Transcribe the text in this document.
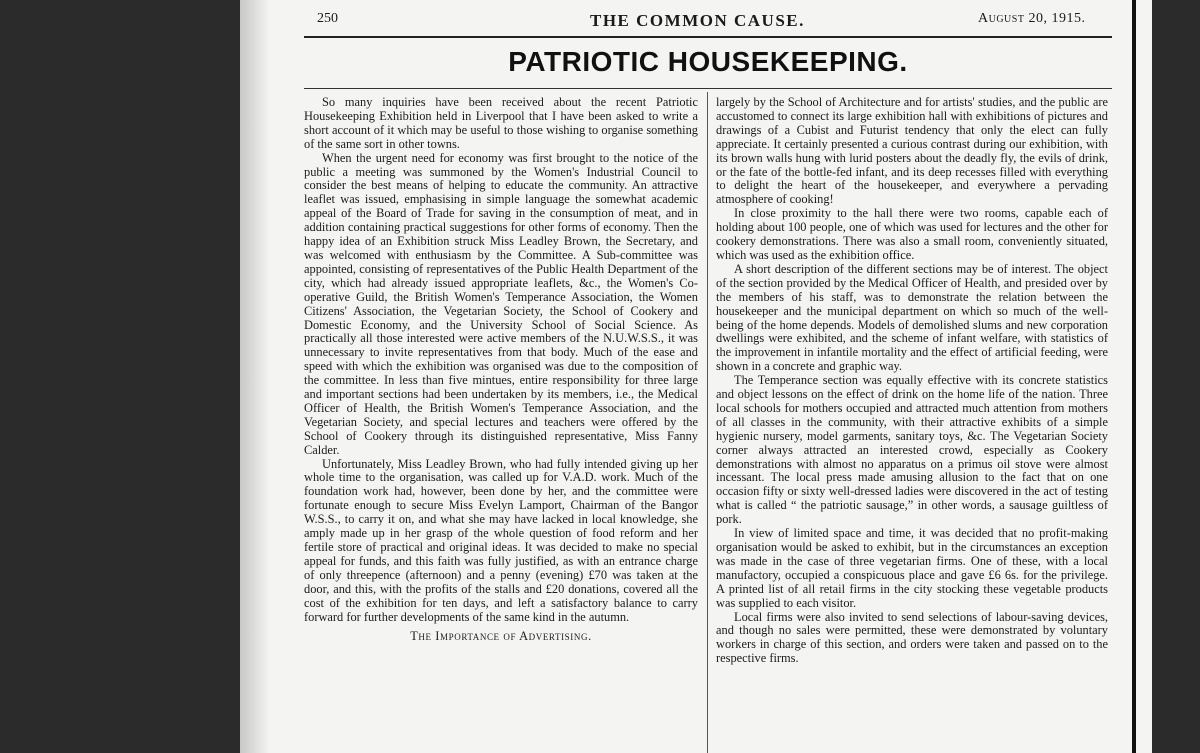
250	THE COMMON CAUSE.	August 20, 1915.
PATRIOTIC HOUSEKEEPING.

So many inquiries have been received about the recent Patriotic Housekeeping Exhibition held in Liverpool that I have been asked to write a short account of it which may be useful to those wishing to organise something of the same sort in other towns.

When the urgent need for economy was first brought to the notice of the public a meeting was summoned by the Women's Industrial Council to consider the best means of helping to educate the community. An attractive leaflet was issued, emphasising in simple language the somewhat academic appeal of the Board of Trade for saving in the consumption of meat, and in addition containing practical suggestions for other forms of economy. Then the happy idea of an Exhibition struck Miss Leadley Brown, the Secretary, and was welcomed with enthusiasm by the Committee. A Sub-committee was appointed, consisting of representatives of the Public Health Department of the city, which had already issued appropriate leaflets, &c., the Women's Co-operative Guild, the British Women's Temperance Association, the Women Citizens' Association, the Vegetarian Society, the School of Cookery and Domestic Economy, and the University School of Social Science. As practically all those interested were active members of the N.U.W.S.S., it was unnecessary to invite representatives from that body. Much of the ease and speed with which the exhibition was organised was due to the composition of the committee. In less than five mintues, entire responsibility for three large and important sections had been undertaken by its members, i.e., the Medical Officer of Health, the British Women's Temperance Association, and the Vegetarian Society, and special lectures and teachers were offered by the School of Cookery through its distinguished representative, Miss Fanny Calder.

Unfortunately, Miss Leadley Brown, who had fully intended giving up her whole time to the organisation, was called up for V.A.D. work. Much of the foundation work had, however, been done by her, and the committee were fortunate enough to secure Miss Evelyn Lamport, Chairman of the Bangor W.S.S., to carry it on, and what she may have lacked in local knowledge, she amply made up in her grasp of the whole question of food reform and her fertile store of practical and original ideas. It was decided to make no special appeal for funds, and this faith was fully justified, as with an entrance charge of only threepence (afternoon) and a penny (evening) £70 was taken at the door, and this, with the profits of the stalls and £20 donations, covered all the cost of the exhibition for ten days, and left a satisfactory balance to carry forward for further developments of the same kind in the autumn.

The Importance of Advertising.

largely by the School of Architecture and for artists' studies, and the public are accustomed to connect its large exhibition hall with exhibitions of pictures and drawings of a Cubist and Futurist tendency that only the elect can fully appreciate. It certainly presented a curious contrast during our exhibition, with its brown walls hung with lurid posters about the deadly fly, the evils of drink, or the fate of the bottle-fed infant, and its deep recesses filled with everything to delight the heart of the housekeeper, and everywhere a pervading atmosphere of cooking!

In close proximity to the hall there were two rooms, capable each of holding about 100 people, one of which was used for lectures and the other for cookery demonstrations. There was also a small room, conveniently situated, which was used as the exhibition office.

A short description of the different sections may be of interest. The object of the section provided by the Medical Officer of Health, and presided over by the members of his staff, was to demonstrate the relation between the housekeeper and the municipal department on which so much of the well-being of the home depends. Models of demolished slums and new corporation dwellings were exhibited, and the scheme of infant welfare, with statistics of the improvement in infantile mortality and the effect of artificial feeding, were shown in a concrete and graphic way.

The Temperance section was equally effective with its concrete statistics and object lessons on the effect of drink on the home life of the nation. Three local schools for mothers occupied and attracted much attention from mothers of all classes in the community, with their attractive exhibits of a simple hygienic nursery, model garments, sanitary toys, &c. The Vegetarian Society corner always attracted an interested crowd, especially as Cookery demonstrations with almost no apparatus on a primus oil stove were almost incessant. The local press made amusing allusion to the fact that on one occasion fifty or sixty well-dressed ladies were discovered in the act of testing what is called “ the patriotic sausage,” in other words, a sausage guiltless of pork.

In view of limited space and time, it was decided that no profit-making organisation would be asked to exhibit, but in the circumstances an exception was made in the case of three vegetarian firms. One of these, with a local manufactory, occupied a conspicuous place and gave £6 6s. for the privilege. A printed list of all retail firms in the city stocking these vegetable products was supplied to each visitor.

Local firms were also invited to send selections of labour-saving devices, and though no sales were permitted, these were demonstrated by voluntary workers in charge of this section, and orders were taken and passed on to the respective firms.
